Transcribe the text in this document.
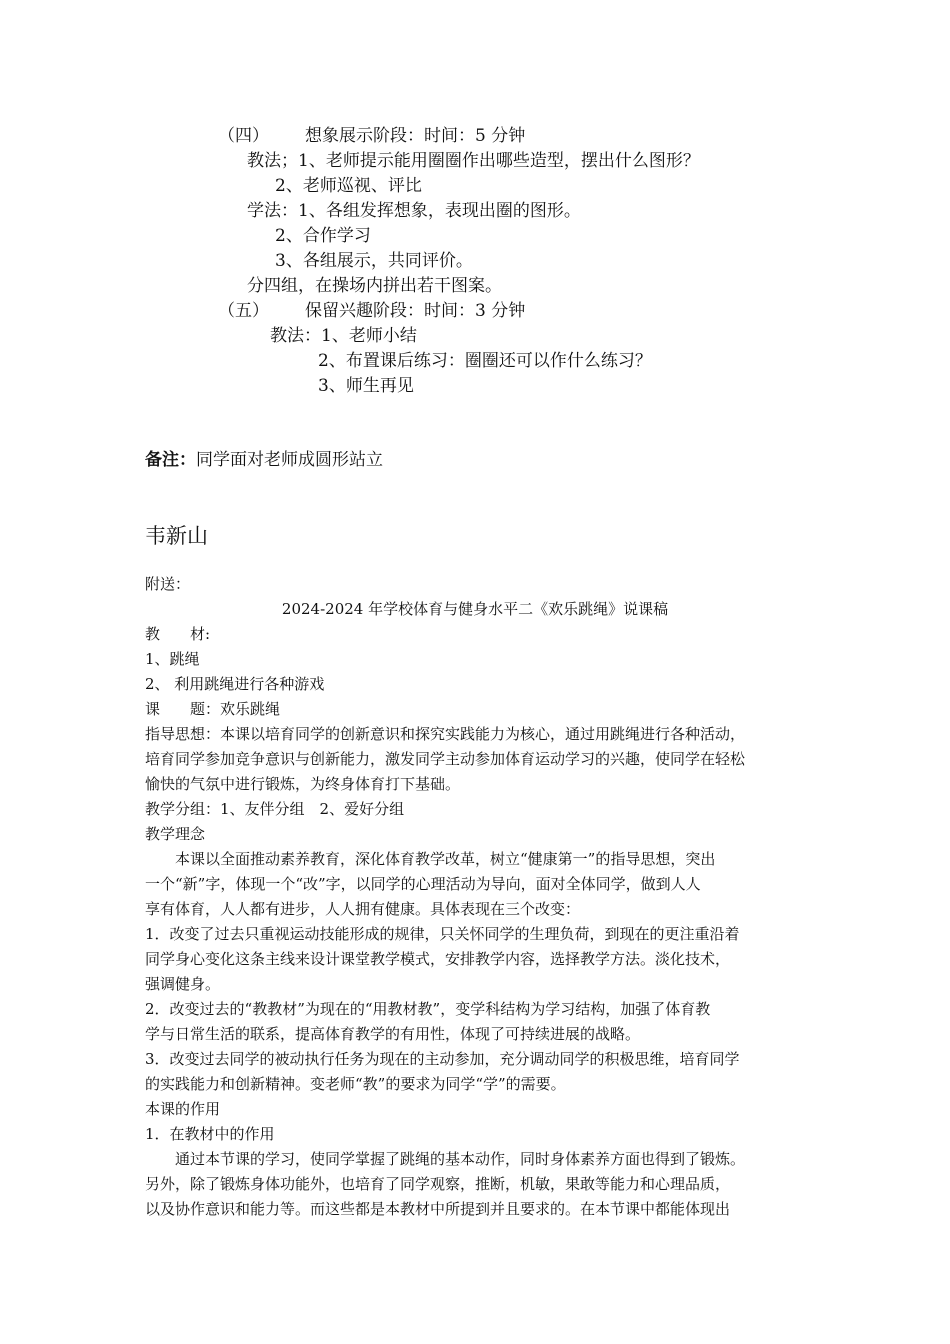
（四） 想象展示阶段：时间：5 分钟
教法；1、老师提示能用圈圈作出哪些造型，摆出什么图形？
2、老师巡视、评比
学法：1、各组发挥想象，表现出圈的图形。
2、合作学习
3、各组展示，共同评价。
分四组，在操场内拼出若干图案。
（五） 保留兴趣阶段：时间：3 分钟
教法：1、老师小结
2、布置课后练习：圈圈还可以作什么练习？
3、师生再见
备注：同学面对老师成圆形站立
韦新山
附送：
2024-2024 年学校体育与健身水平二《欢乐跳绳》说课稿
教　　材:
1、跳绳
2、 利用跳绳进行各种游戏
课　　题：欢乐跳绳
指导思想：本课以培育同学的创新意识和探究实践能力为核心，通过用跳绳进行各种活动，
培育同学参加竞争意识与创新能力，激发同学主动参加体育运动学习的兴趣，使同学在轻松
愉快的气氛中进行锻炼，为终身体育打下基础。
教学分组：1、友伴分组　2、爱好分组
教学理念
　　本课以全面推动素养教育，深化体育教学改革，树立“健康第一”的指导思想，突出
一个“新”字，体现一个“改”字，以同学的心理活动为导向，面对全体同学，做到人人
享有体育，人人都有进步，人人拥有健康。具体表现在三个改变：
1．改变了过去只重视运动技能形成的规律，只关怀同学的生理负荷，到现在的更注重沿着
同学身心变化这条主线来设计课堂教学模式，安排教学内容，选择教学方法。淡化技术，
强调健身。
2．改变过去的“教教材”为现在的“用教材教”，变学科结构为学习结构，加强了体育教
学与日常生活的联系，提高体育教学的有用性，体现了可持续进展的战略。
3．改变过去同学的被动执行任务为现在的主动参加，充分调动同学的积极思维，培育同学
的实践能力和创新精神。变老师“教”的要求为同学“学”的需要。
本课的作用
1．在教材中的作用
　　通过本节课的学习，使同学掌握了跳绳的基本动作，同时身体素养方面也得到了锻炼。
另外，除了锻炼身体功能外，也培育了同学观察，推断，机敏，果敢等能力和心理品质，
以及协作意识和能力等。而这些都是本教材中所提到并且要求的。在本节课中都能体现出
